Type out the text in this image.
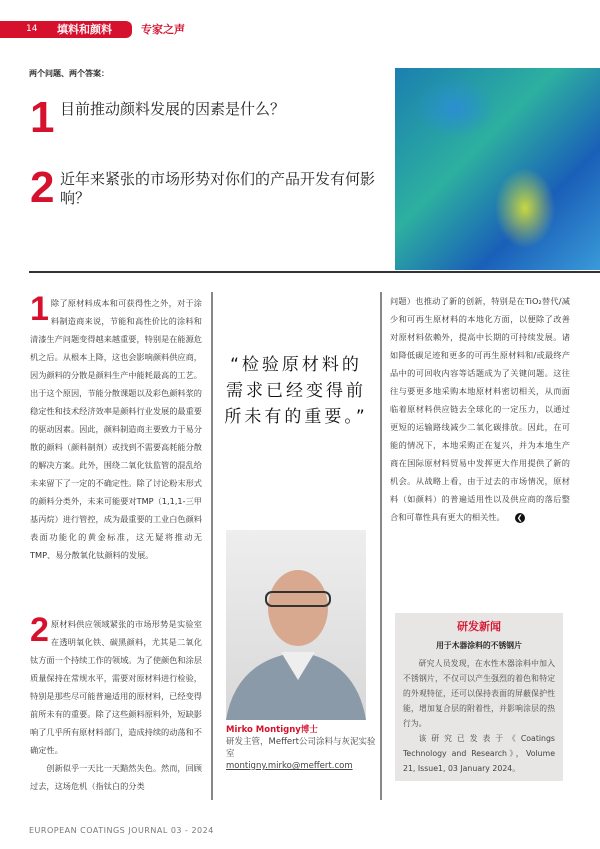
14 填料和颜料	专家之声
两个问题、两个答案：
1 目前推动颜料发展的因素是什么？
2 近年来紧张的市场形势对你们的产品开发有何影响？
1 除了原材料成本和可获得性之外，对于涂料制造商来说，节能和高性价比的涂料和清漆生产问题变得越来越重要，特别是在能源危机之后。从根本上降，这也会影响颜料供应商，因为颜料的分散是颜料生产中能耗最高的工艺。出于这个原因，节能分散课题以及彩色颜料浆的稳定性和技术经济效率是颜料行业发展的最重要的驱动因素。因此，颜料制造商主要致力于易分散的颜料（颜料制剂）或找到不需要高耗能分散的解决方案。此外，围绕二氧化钛监管的混乱给未来留下了一定的不确定性。除了讨论粉末形式的颜料分类外，未来可能要对TMP（1,1,1-三甲基丙烷）进行管控，成为最重要的工业白色颜料表面功能化的黄金标准，这无疑将推动无TMP、易分散氧化钛颜料的发展。
2 原材料供应领域紧张的市场形势是实验室在透明氧化铁、碳黑颜料，尤其是二氧化钛方面一个持续工作的领域。为了使颜色和涂层质量保持在常规水平，需要对原材料进行检验，特别是那些尽可能普遍适用的原材料，已经变得前所未有的重要。除了这些颜料原料外，短缺影响了几乎所有原材料部门，造成持续的动荡和不确定性。
创新似乎一天比一天黯然失色。然而，回顾过去，这场危机（指钛白的分类
“检验原材料的需求已经变得前所未有的重要。”
Mirko Montigny博士
研发主管，Meffert公司涂料与灰泥实验室
montigny.mirko@meffert.com
问题）也推动了新的创新，特别是在TiO₂替代/减少和可再生原材料的本地化方面，以便除了改善对原材料依赖外，提高中长期的可持续发展。诸如降低碳足迹和更多的可再生原材料和/或最终产品中的可回收内容等话题成为了关键问题。这往往与要更多地采购本地原材料密切相关，从而面临着原材料供应链去全球化的一定压力，以通过更短的运输路线减少二氧化碳排放。因此，在可能的情况下，本地采购正在复兴，并为本地生产商在国际原材料贸易中发挥更大作用提供了新的机会。从战略上看，由于过去的市场情况，原材料（如颜料）的普遍适用性以及供应商的落后整合和可靠性具有更大的相关性。 ❮
研发新闻
用于木器涂料的不锈钢片

研究人员发现，在水性木器涂料中加入不锈钢片，不仅可以产生强烈的着色和特定的外观特征，还可以保持表面的屏蔽保护性能，增加复合层的附着性，并影响涂层的热行为。

该研究已发表于《Coatings Technology and Research》，Volume 21, Issue1, 03 January 2024。

EUROPEAN COATINGS JOURNAL 03 - 2024
